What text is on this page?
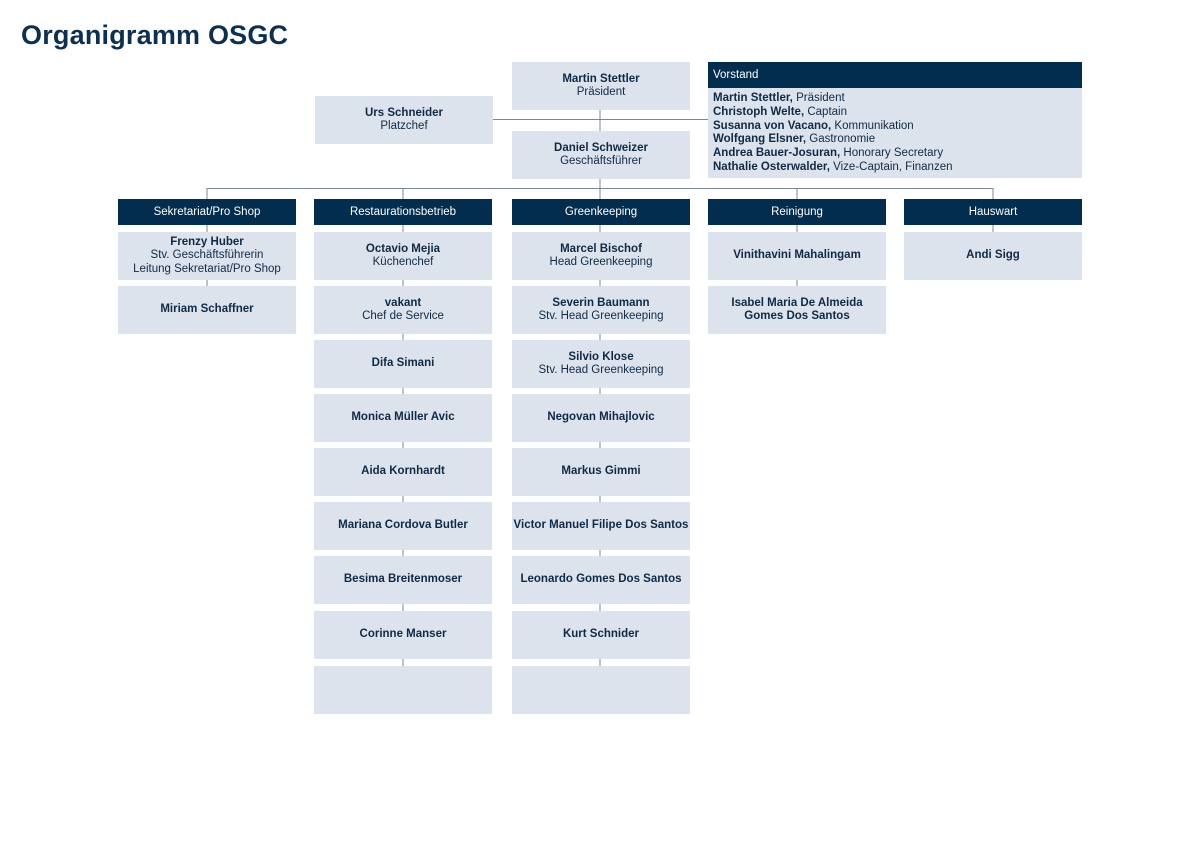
Organigramm OSGC
Martin Stettler
Präsident
Urs Schneider
Platzchef
Daniel Schweizer
Geschäftsführer
Vorstand
Martin Stettler, Präsident
Christoph Welte, Captain
Susanna von Vacano, Kommunikation
Wolfgang Elsner, Gastronomie
Andrea Bauer-Josuran, Honorary Secretary
Nathalie Osterwalder, Vize-Captain, Finanzen
Sekretariat/Pro Shop	Restaurationsbetrieb	Greenkeeping	Reinigung	Hauswart
Frenzy Huber
Stv. Geschäftsführerin
Leitung Sekretariat/Pro Shop
Miriam Schaffner
Octavio Mejia
Küchenchef
vakant
Chef de Service
Difa Simani
Monica Müller Avic
Aida Kornhardt
Mariana Cordova Butler
Besima Breitenmoser
Corinne Manser
Marcel Bischof
Head Greenkeeping
Severin Baumann
Stv. Head Greenkeeping
Silvio Klose
Stv. Head Greenkeeping
Negovan Mihajlovic
Markus Gimmi
Victor Manuel Filipe Dos Santos
Leonardo Gomes Dos Santos
Kurt Schnider
Vinithavini Mahalingam
Isabel Maria De Almeida
Gomes Dos Santos
Andi Sigg
